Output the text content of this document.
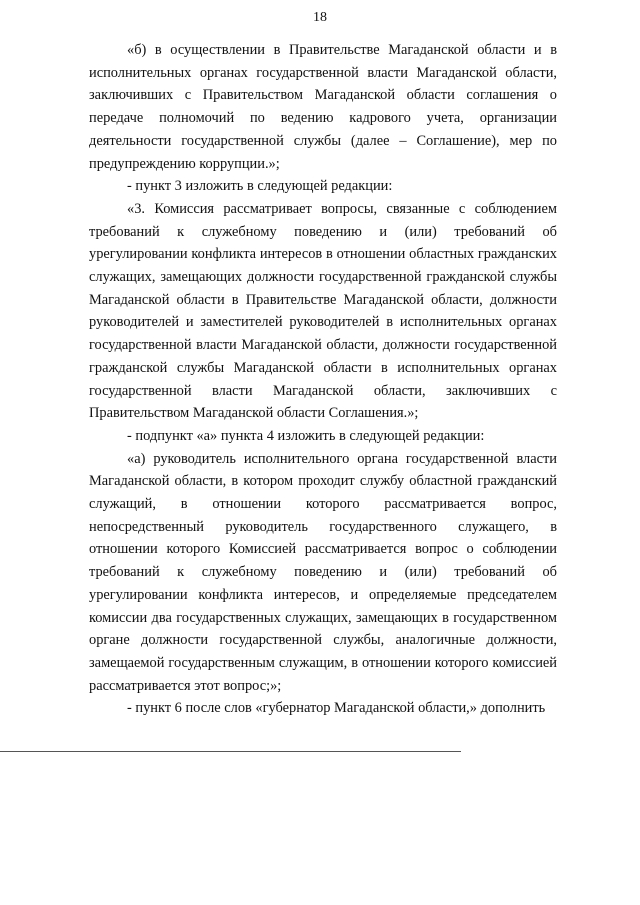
18

«б) в осуществлении в Правительстве Магаданской области и в исполнительных органах государственной власти Магаданской области, заключивших с Правительством Магаданской области соглашения о передаче полномочий по ведению кадрового учета, организации деятельности государственной службы (далее – Соглашение), мер по предупреждению коррупции.»;

- пункт 3 изложить в следующей редакции:

«3. Комиссия рассматривает вопросы, связанные с соблюдением требований к служебному поведению и (или) требований об урегулировании конфликта интересов в отношении областных гражданских служащих, замещающих должности государственной гражданской службы Магаданской области в Правительстве Магаданской области, должности руководителей и заместителей руководителей в исполнительных органах государственной власти Магаданской области, должности государственной гражданской службы Магаданской области в исполнительных органах государственной власти Магаданской области, заключивших с Правительством Магаданской области Соглашения.»;

- подпункт «а» пункта 4 изложить в следующей редакции:

«а) руководитель исполнительного органа государственной власти Магаданской области, в котором проходит службу областной гражданский служащий, в отношении которого рассматривается вопрос, непосредственный руководитель государственного служащего, в отношении которого Комиссией рассматривается вопрос о соблюдении требований к служебному поведению и (или) требований об урегулировании конфликта интересов, и определяемые председателем комиссии два государственных служащих, замещающих в государственном органе должности государственной службы, аналогичные должности, замещаемой государственным служащим, в отношении которого комиссией рассматривается этот вопрос;»;

- пункт 6 после слов «губернатор Магаданской области,» дополнить
